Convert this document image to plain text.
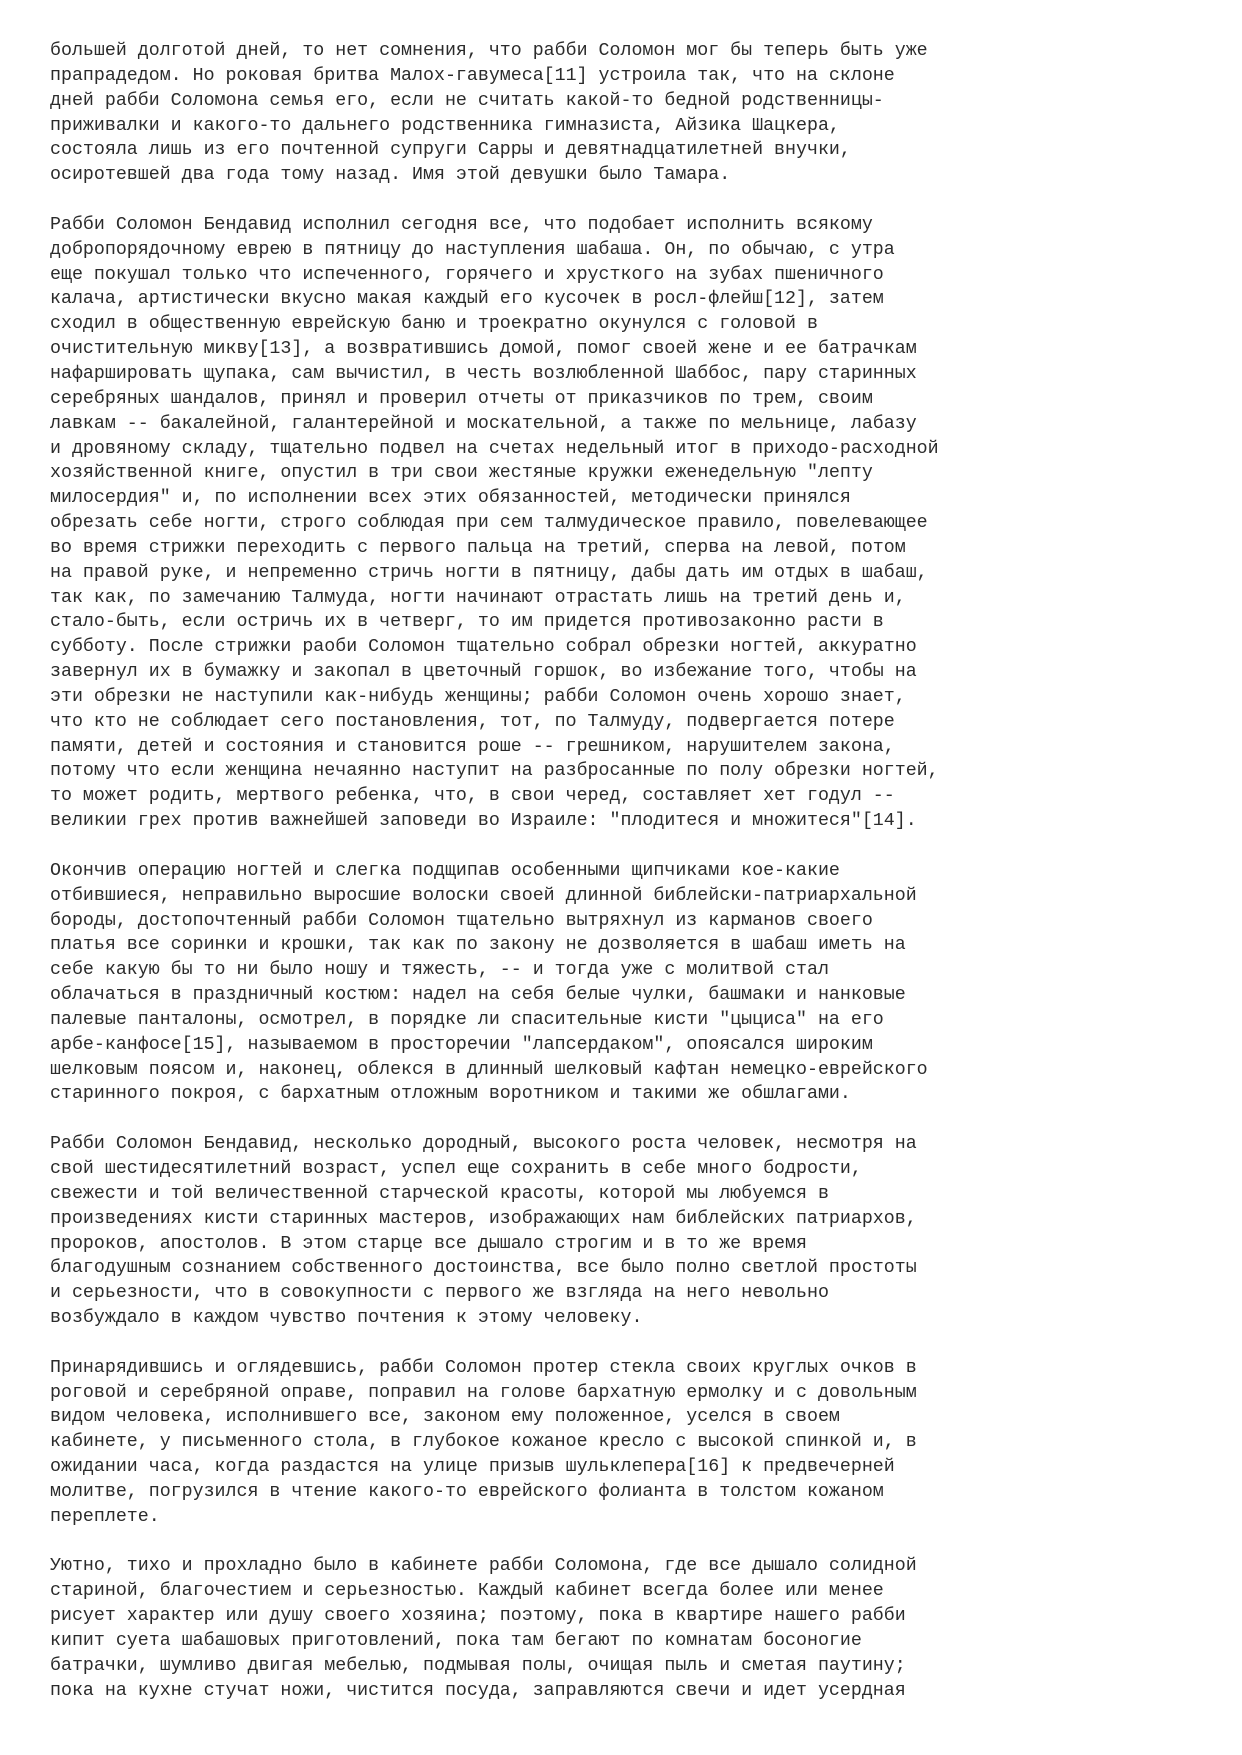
большей долготой дней, то нет сомнения, что рабби Соломон мог бы теперь быть уже
прапрадедом. Но роковая бритва Малох-гавумеса[11] устроила так, что на склоне
дней рабби Соломона семья его, если не считать какой-то бедной родственницы-
приживалки и какого-то дальнего родственника гимназиста, Айзика Шацкера,
состояла лишь из его почтенной супруги Сарры и девятнадцатилетней внучки,
осиротевшей два года тому назад. Имя этой девушки было Тамара.
Рабби Соломон Бендавид исполнил сегодня все, что подобает исполнить всякому
добропорядочному еврею в пятницу до наступления шабаша. Он, по обычаю, с утра
еще покушал только что испеченного, горячего и хрусткого на зубах пшеничного
калача, артистически вкусно макая каждый его кусочек в росл-флейш[12], затем
сходил в общественную еврейскую баню и троекратно окунулся с головой в
очистительную микву[13], а возвратившись домой, помог своей жене и ее батрачкам
нафаршировать щупака, сам вычистил, в честь возлюбленной Шаббос, пару старинных
серебряных шандалов, принял и проверил отчеты от приказчиков по трем, своим
лавкам -- бакалейной, галантерейной и москательной, а также по мельнице, лабазу
и дровяному складу, тщательно подвел на счетах недельный итог в приходо-расходной
хозяйственной книге, опустил в три свои жестяные кружки еженедельную "лепту
милосердия" и, по исполнении всех этих обязанностей, методически принялся
обрезать себе ногти, строго соблюдая при сем талмудическое правило, повелевающее
во время стрижки переходить с первого пальца на третий, сперва на левой, потом
на правой руке, и непременно стричь ногти в пятницу, дабы дать им отдых в шабаш,
так как, по замечанию Талмуда, ногти начинают отрастать лишь на третий день и,
стало-быть, если остричь их в четверг, то им придется противозаконно расти в
субботу. После стрижки раоби Соломон тщательно собрал обрезки ногтей, аккуратно
завернул их в бумажку и закопал в цветочный горшок, во избежание того, чтобы на
эти обрезки не наступили как-нибудь женщины; рабби Соломон очень хорошо знает,
что кто не соблюдает сего постановления, тот, по Талмуду, подвергается потере
памяти, детей и состояния и становится роше -- грешником, нарушителем закона,
потому что если женщина нечаянно наступит на разбросанные по полу обрезки ногтей,
то может родить, мертвого ребенка, что, в свои черед, составляет хет годул --
великии грех против важнейшей заповеди во Израиле: "плодитеся и множитеся"[14].
Окончив операцию ногтей и слегка подщипав особенными щипчиками кое-какие
отбившиеся, неправильно выросшие волоски своей длинной библейски-патриархальной
бороды, достопочтенный рабби Соломон тщательно вытряхнул из карманов своего
платья все соринки и крошки, так как по закону не дозволяется в шабаш иметь на
себе какую бы то ни было ношу и тяжесть, -- и тогда уже с молитвой стал
облачаться в праздничный костюм: надел на себя белые чулки, башмаки и нанковые
палевые панталоны, осмотрел, в порядке ли спасительные кисти "цыциса" на его
арбе-канфосе[15], называемом в просторечии "лапсердаком", опоясался широким
шелковым поясом и, наконец, облекся в длинный шелковый кафтан немецко-еврейского
старинного покроя, с бархатным отложным воротником и такими же обшлагами.
Рабби Соломон Бендавид, несколько дородный, высокого роста человек, несмотря на
свой шестидесятилетний возраст, успел еще сохранить в себе много бодрости,
свежести и той величественной старческой красоты, которой мы любуемся в
произведениях кисти старинных мастеров, изображающих нам библейских патриархов,
пророков, апостолов. В этом старце все дышало строгим и в то же время
благодушным сознанием собственного достоинства, все было полно светлой простоты
и серьезности, что в совокупности с первого же взгляда на него невольно
возбуждало в каждом чувство почтения к этому человеку.
Принарядившись и оглядевшись, рабби Соломон протер стекла своих круглых очков в
роговой и серебряной оправе, поправил на голове бархатную ермолку и с довольным
видом человека, исполнившего все, законом ему положенное, уселся в своем
кабинете, у письменного стола, в глубокое кожаное кресло с высокой спинкой и, в
ожидании часа, когда раздастся на улице призыв шульклепера[16] к предвечерней
молитве, погрузился в чтение какого-то еврейского фолианта в толстом кожаном
переплете.
Уютно, тихо и прохладно было в кабинете рабби Соломона, где все дышало солидной
стариной, благочестием и серьезностью. Каждый кабинет всегда более или менее
рисует характер или душу своего хозяина; поэтому, пока в квартире нашего рабби
кипит суета шабашовых приготовлений, пока там бегают по комнатам босоногие
батрачки, шумливо двигая мебелью, подмывая полы, очищая пыль и сметая паутину;
пока на кухне стучат ножи, чистится посуда, заправляются свечи и идет усердная
